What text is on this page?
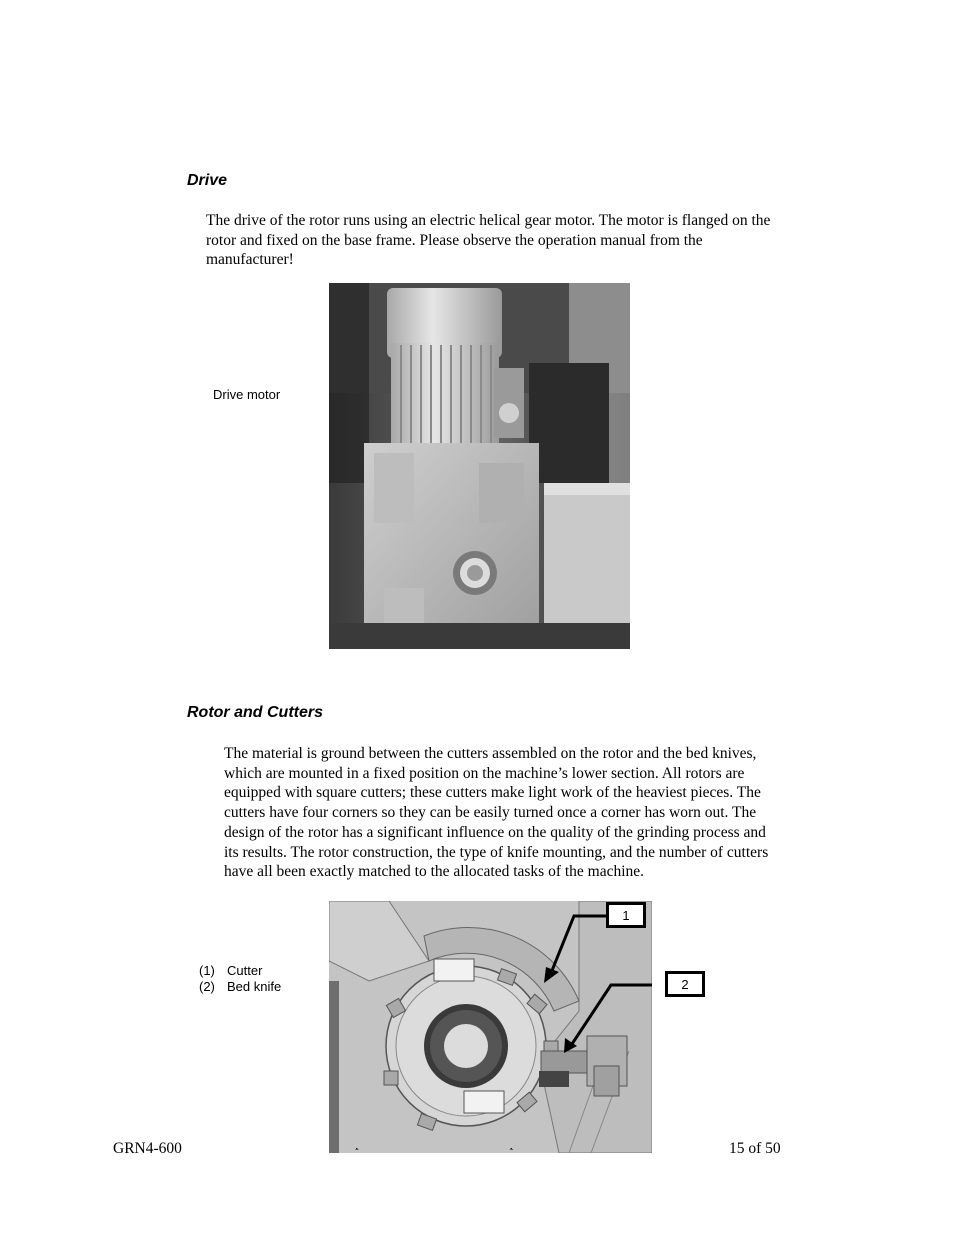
Drive
The drive of the rotor runs using an electric helical gear motor. The motor is flanged on the
rotor and fixed on the base frame. Please observe the operation manual from the
manufacturer!
Drive motor
Rotor and Cutters
The material is ground between the cutters assembled on the rotor and the bed knives,
which are mounted in a fixed position on the machine’s lower section. All rotors are
equipped with square cutters; these cutters make light work of the heaviest pieces. The
cutters have four corners so they can be easily turned once a corner has worn out. The
design of the rotor has a significant influence on the quality of the grinding process and
its results. The rotor construction, the type of knife mounting, and the number of cutters
have all been exactly matched to the allocated tasks of the machine.
(1) Cutter
(2) Bed knife
1
2
GRN4-600	15 of 50
